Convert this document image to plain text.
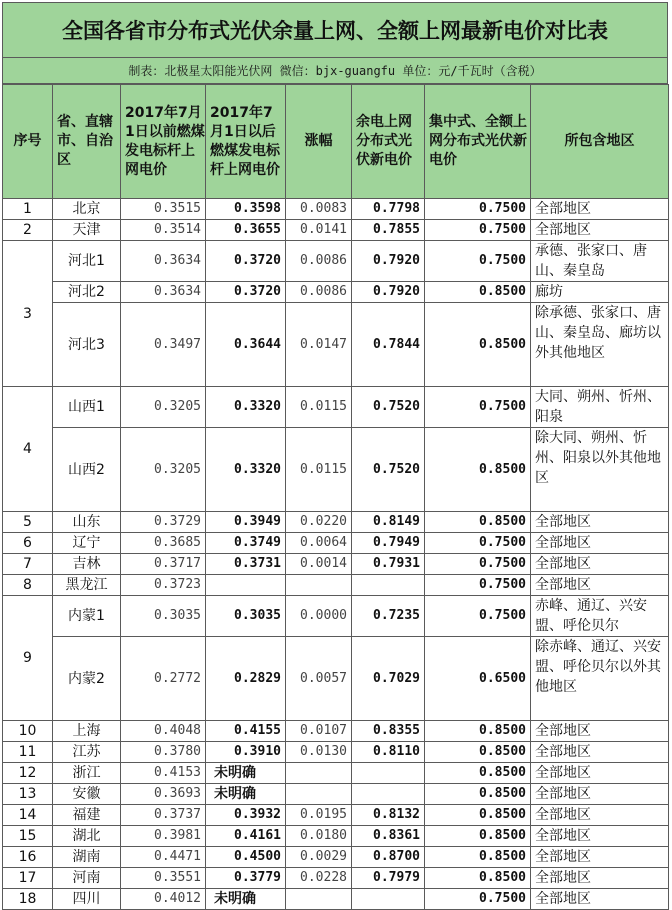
全国各省市分布式光伏余量上网、全额上网最新电价对比表
制表：北极星太阳能光伏网 微信：bjx-guangfu 单位：元/千瓦时（含税）
序号	省、直辖市、自治区	2017年7月1日以前燃煤发电标杆上网电价	2017年7月1日以后燃煤发电标杆上网电价	涨幅	余电上网分布式光伏新电价	集中式、全额上网分布式光伏新电价	所包含地区
1	北京	0.3515	0.3598	0.0083	0.7798	0.7500	全部地区
2	天津	0.3514	0.3655	0.0141	0.7855	0.7500	全部地区
3	河北1	0.3634	0.3720	0.0086	0.7920	0.7500	承德、张家口、唐山、秦皇岛
	河北2	0.3634	0.3720	0.0086	0.7920	0.8500	廊坊
	河北3	0.3497	0.3644	0.0147	0.7844	0.8500	除承德、张家口、唐山、秦皇岛、廊坊以外其他地区
4	山西1	0.3205	0.3320	0.0115	0.7520	0.7500	大同、朔州、忻州、阳泉
	山西2	0.3205	0.3320	0.0115	0.7520	0.8500	除大同、朔州、忻州、阳泉以外其他地区
5	山东	0.3729	0.3949	0.0220	0.8149	0.8500	全部地区
6	辽宁	0.3685	0.3749	0.0064	0.7949	0.7500	全部地区
7	吉林	0.3717	0.3731	0.0014	0.7931	0.7500	全部地区
8	黑龙江	0.3723				0.7500	全部地区
9	内蒙1	0.3035	0.3035	0.0000	0.7235	0.7500	赤峰、通辽、兴安盟、呼伦贝尔
	内蒙2	0.2772	0.2829	0.0057	0.7029	0.6500	除赤峰、通辽、兴安盟、呼伦贝尔以外其他地区
10	上海	0.4048	0.4155	0.0107	0.8355	0.8500	全部地区
11	江苏	0.3780	0.3910	0.0130	0.8110	0.8500	全部地区
12	浙江	0.4153	未明确			0.8500	全部地区
13	安徽	0.3693	未明确			0.8500	全部地区
14	福建	0.3737	0.3932	0.0195	0.8132	0.8500	全部地区
15	湖北	0.3981	0.4161	0.0180	0.8361	0.8500	全部地区
16	湖南	0.4471	0.4500	0.0029	0.8700	0.8500	全部地区
17	河南	0.3551	0.3779	0.0228	0.7979	0.8500	全部地区
18	四川	0.4012	未明确			0.7500	全部地区
